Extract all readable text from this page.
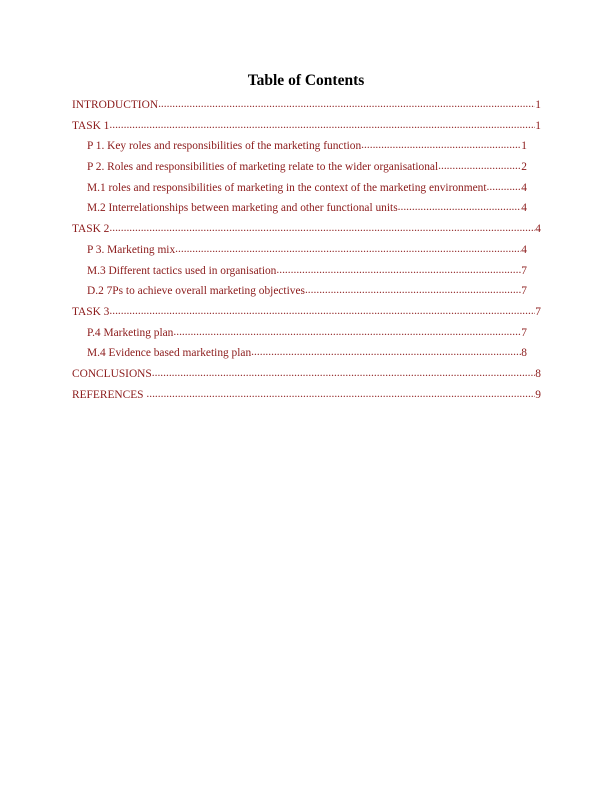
Table of Contents
INTRODUCTION .....	1
TASK 1 .....	1
P 1. Key roles and responsibilities of the marketing function .....	1
P 2. Roles and responsibilities of marketing relate to the wider organisational .....	2
M.1 roles and responsibilities of marketing in the context of the marketing environment .....	4
M.2 Interrelationships between marketing and other functional units .....	4
TASK 2 .....	4
P 3. Marketing mix .....	4
M.3 Different tactics used in organisation .....	7
D.2 7Ps to achieve overall marketing objectives .....	7
TASK 3 .....	7
P.4 Marketing plan .....	7
M.4 Evidence based marketing plan .....	8
CONCLUSIONS .....	8
REFERENCES .....	9
